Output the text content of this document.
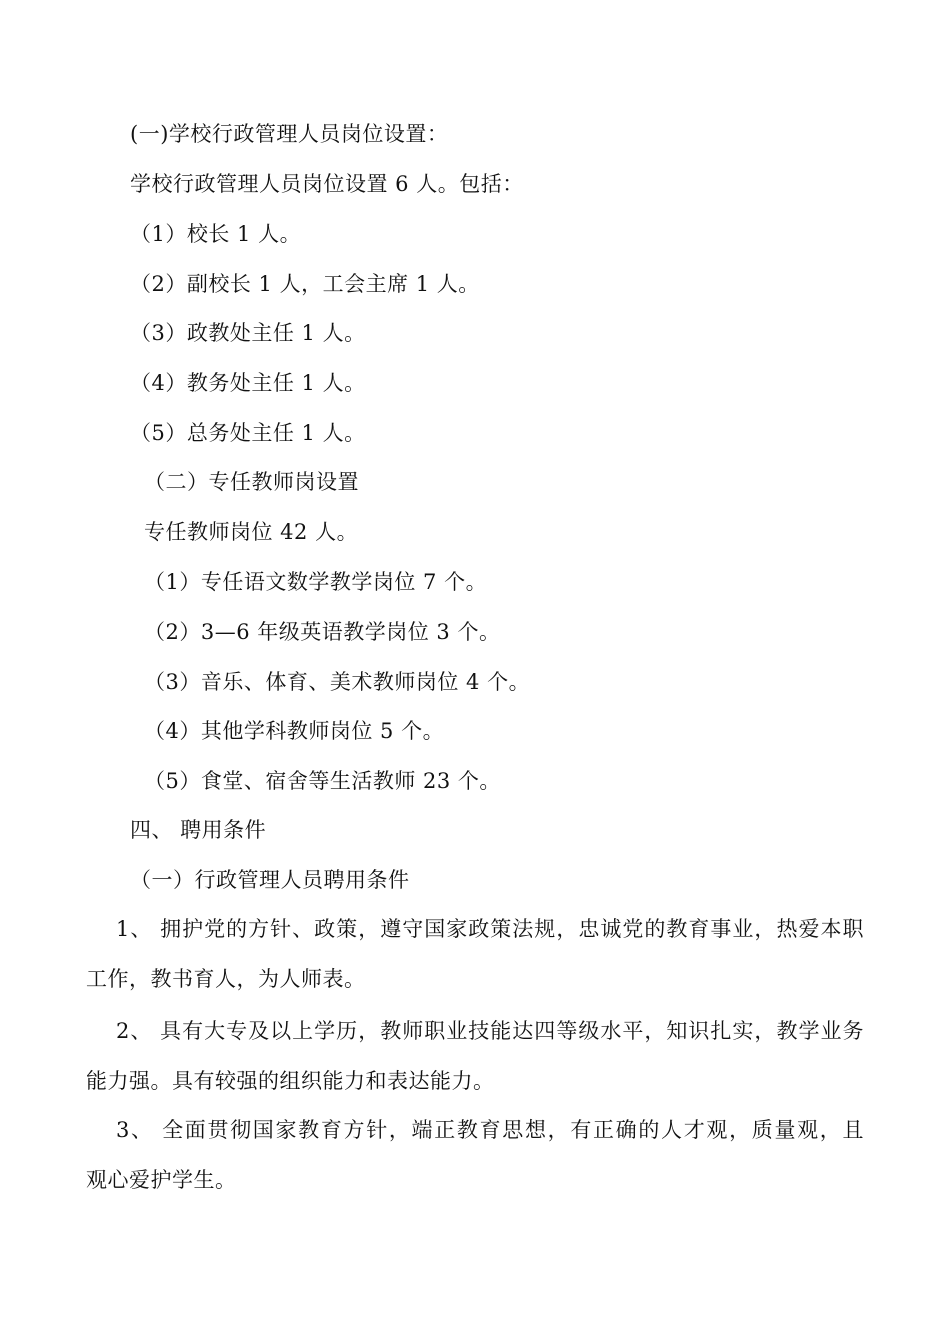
(一)学校行政管理人员岗位设置：
学校行政管理人员岗位设置 6 人。包括：
（1）校长 1 人。
（2）副校长 1 人，工会主席 1 人。
（3）政教处主任 1 人。
（4）教务处主任 1 人。
（5）总务处主任 1 人。
（二）专任教师岗设置
专任教师岗位 42 人。
（1）专任语文数学教学岗位 7 个。
（2）3—6 年级英语教学岗位 3 个。
（3）音乐、体育、美术教师岗位 4 个。
（4）其他学科教师岗位 5 个。
（5）食堂、宿舍等生活教师 23 个。
四、 聘用条件
（一）行政管理人员聘用条件
1、 拥护党的方针、政策，遵守国家政策法规，忠诚党的教育事业，热爱本职
工作，教书育人，为人师表。
2、 具有大专及以上学历，教师职业技能达四等级水平，知识扎实，教学业务
能力强。具有较强的组织能力和表达能力。
3、 全面贯彻国家教育方针，端正教育思想，有正确的人才观，质量观，且
观心爱护学生。
